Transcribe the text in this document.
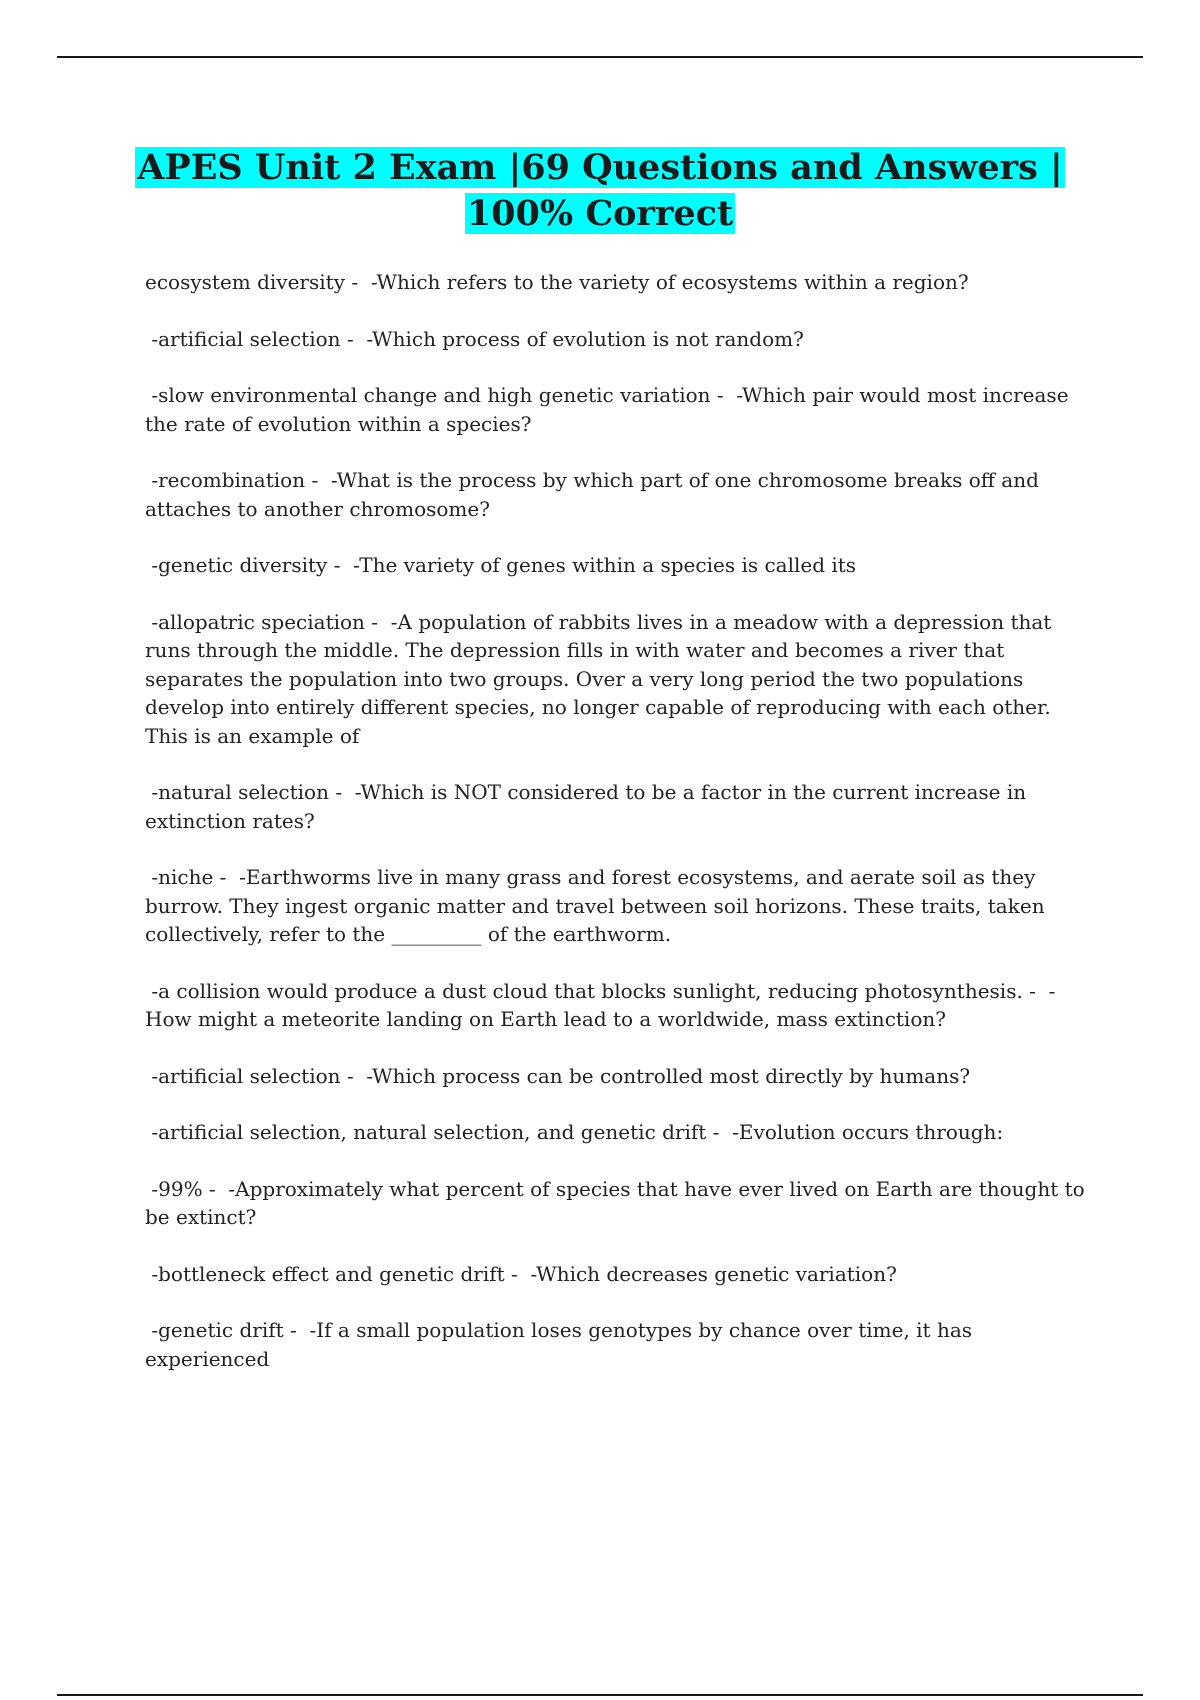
APES Unit 2 Exam |69 Questions and Answers |
100% Correct

ecosystem diversity -  -Which refers to the variety of ecosystems within a region?

-artificial selection -  -Which process of evolution is not random?

-slow environmental change and high genetic variation -  -Which pair would most increase the rate of evolution within a species?

-recombination -  -What is the process by which part of one chromosome breaks off and attaches to another chromosome?

-genetic diversity -  -The variety of genes within a species is called its

-allopatric speciation -  -A population of rabbits lives in a meadow with a depression that runs through the middle. The depression fills in with water and becomes a river that separates the population into two groups. Over a very long period the two populations develop into entirely different species, no longer capable of reproducing with each other. This is an example of

-natural selection -  -Which is NOT considered to be a factor in the current increase in extinction rates?

-niche -  -Earthworms live in many grass and forest ecosystems, and aerate soil as they burrow. They ingest organic matter and travel between soil horizons. These traits, taken collectively, refer to the _________ of the earthworm.

-a collision would produce a dust cloud that blocks sunlight, reducing photosynthesis. -  -How might a meteorite landing on Earth lead to a worldwide, mass extinction?

-artificial selection -  -Which process can be controlled most directly by humans?

-artificial selection, natural selection, and genetic drift -  -Evolution occurs through:

-99% -  -Approximately what percent of species that have ever lived on Earth are thought to be extinct?

-bottleneck effect and genetic drift -  -Which decreases genetic variation?

-genetic drift -  -If a small population loses genotypes by chance over time, it has experienced
